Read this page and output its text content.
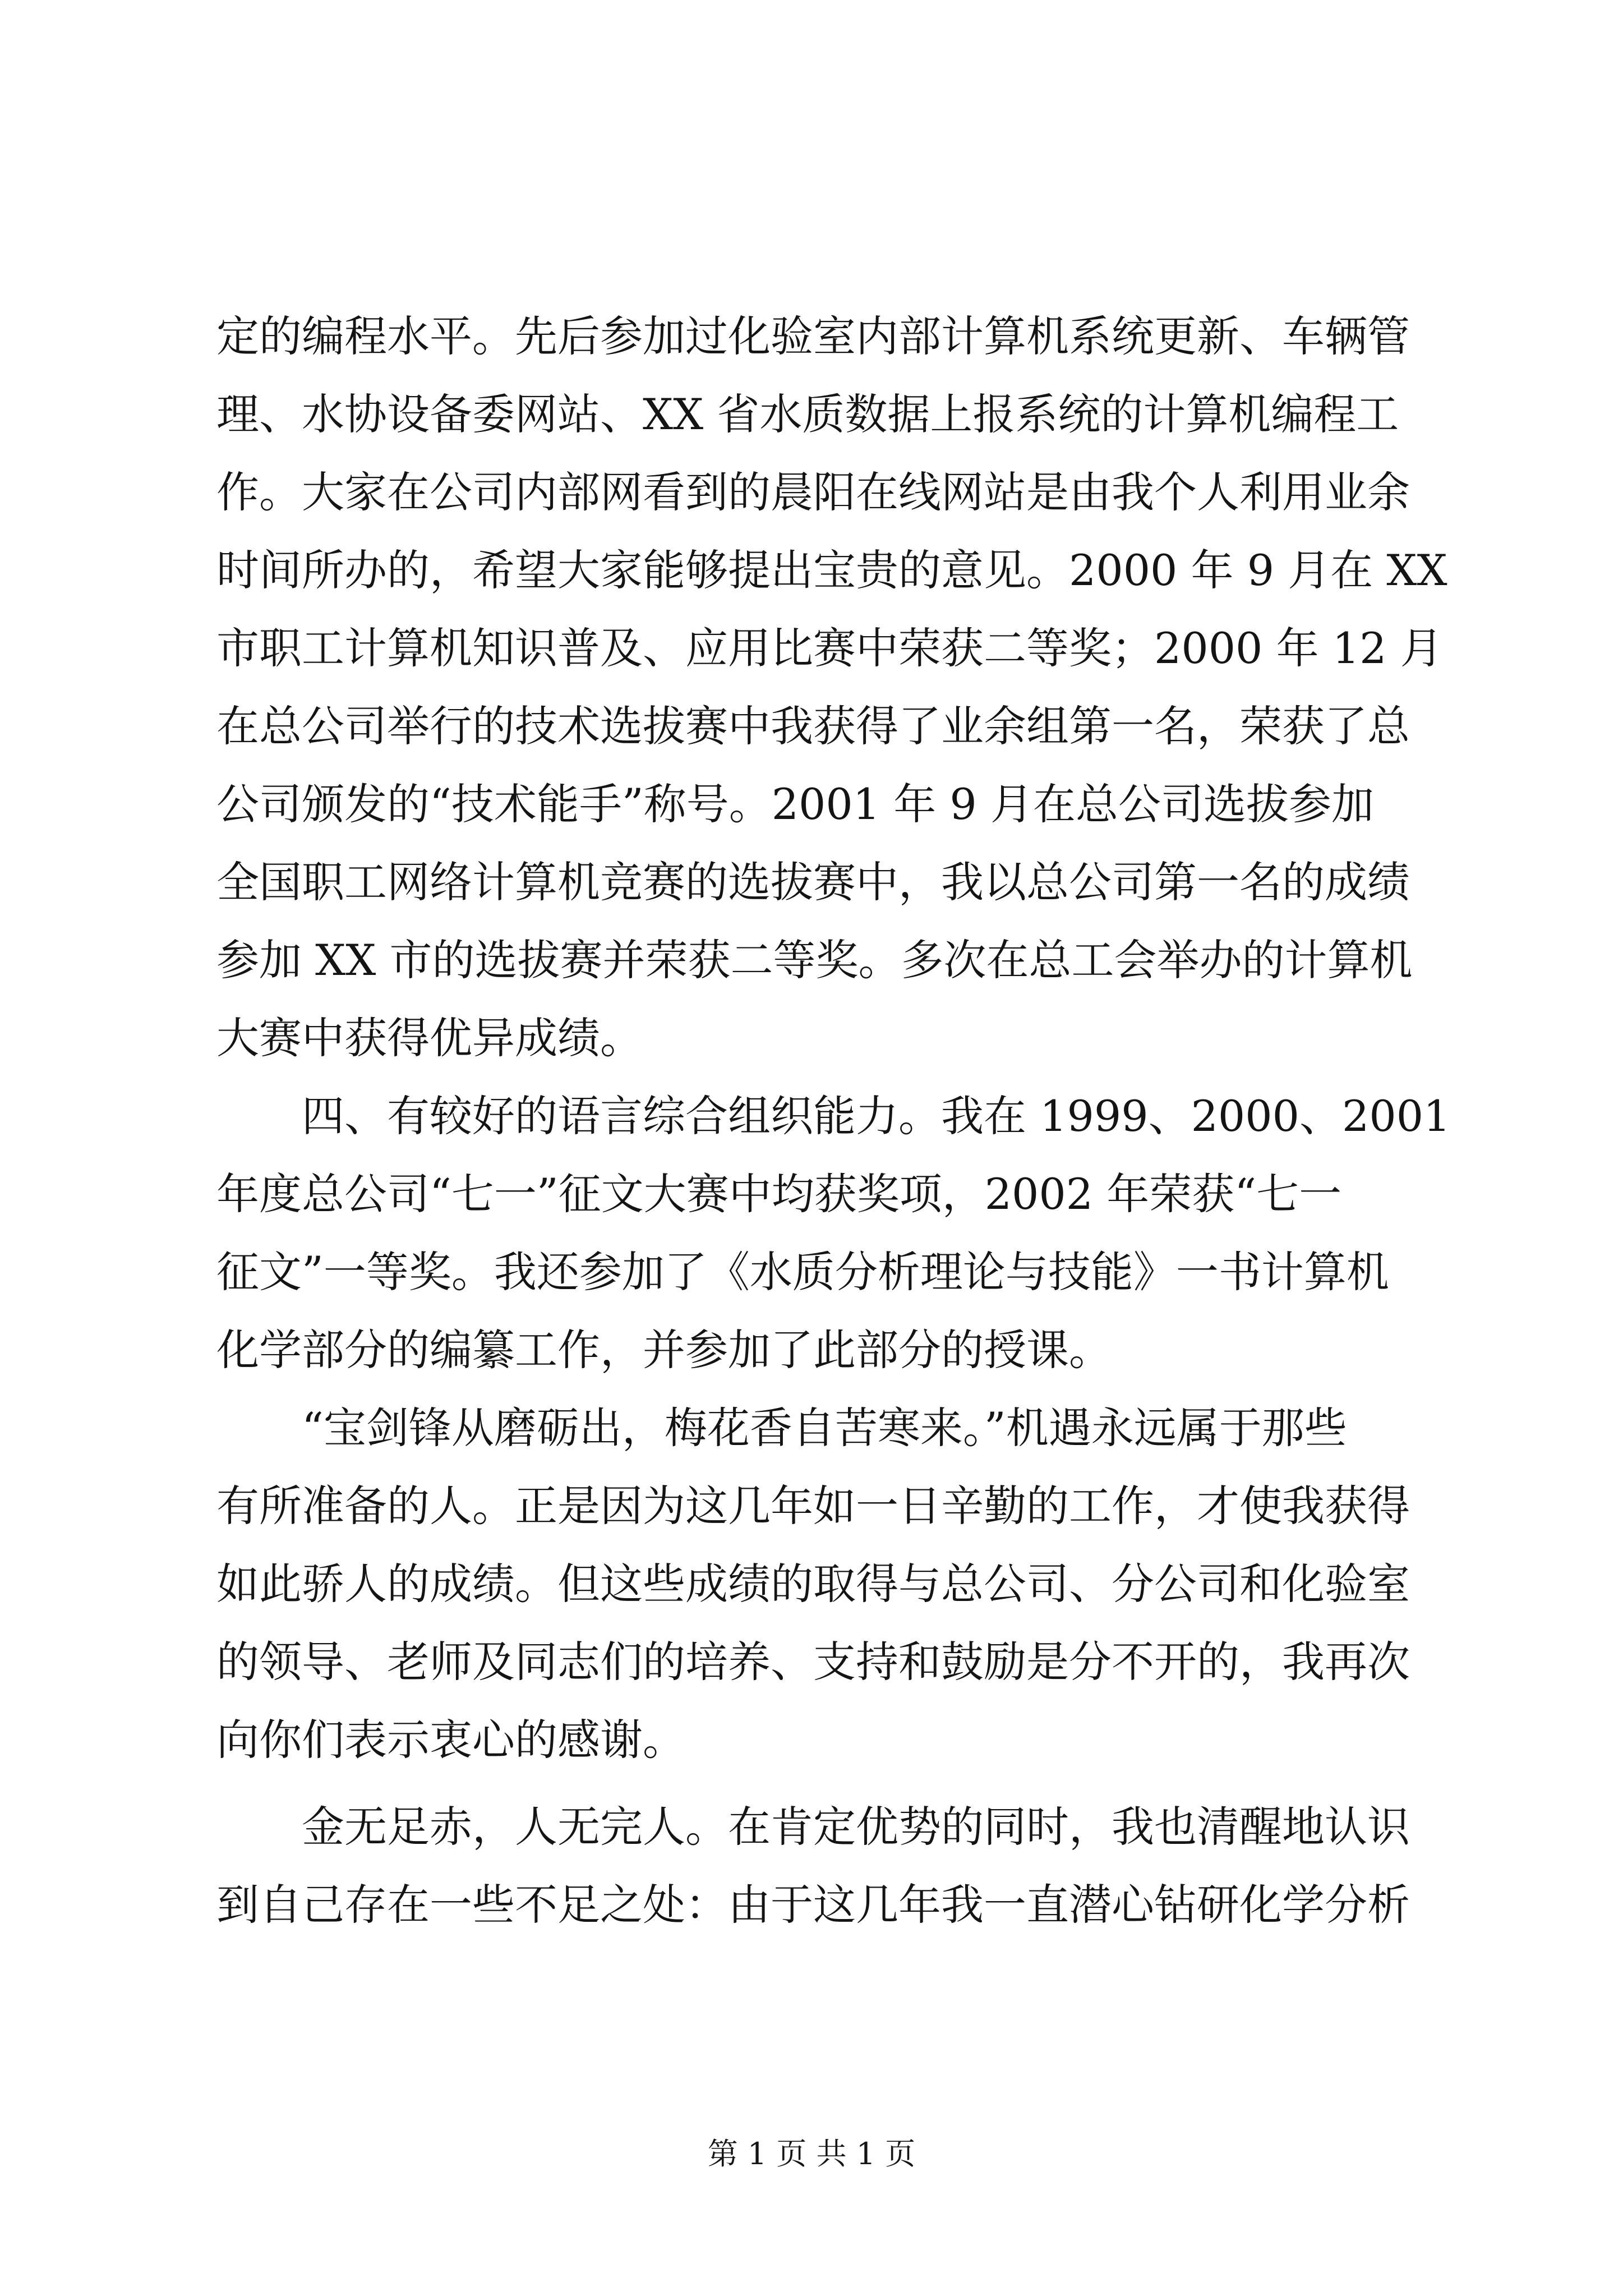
定的编程水平。先后参加过化验室内部计算机系统更新、车辆管
理、水协设备委网站、XX 省水质数据上报系统的计算机编程工
作。大家在公司内部网看到的晨阳在线网站是由我个人利用业余
时间所办的，希望大家能够提出宝贵的意见。2000 年 9 月在 XX
市职工计算机知识普及、应用比赛中荣获二等奖；2000 年 12 月
在总公司举行的技术选拔赛中我获得了业余组第一名，荣获了总
公司颁发的“技术能手”称号。2001 年 9 月在总公司选拔参加
全国职工网络计算机竞赛的选拔赛中，我以总公司第一名的成绩
参加 XX 市的选拔赛并荣获二等奖。多次在总工会举办的计算机
大赛中获得优异成绩。
　　四、有较好的语言综合组织能力。我在 1999、2000、2001
年度总公司“七一”征文大赛中均获奖项，2002 年荣获“七一
征文”一等奖。我还参加了《水质分析理论与技能》一书计算机
化学部分的编纂工作，并参加了此部分的授课。
　　“宝剑锋从磨砺出，梅花香自苦寒来。”机遇永远属于那些
有所准备的人。正是因为这几年如一日辛勤的工作，才使我获得
如此骄人的成绩。但这些成绩的取得与总公司、分公司和化验室
的领导、老师及同志们的培养、支持和鼓励是分不开的，我再次
向你们表示衷心的感谢。
　　金无足赤，人无完人。在肯定优势的同时，我也清醒地认识
到自己存在一些不足之处：由于这几年我一直潜心钻研化学分析
第 1 页 共 1 页
